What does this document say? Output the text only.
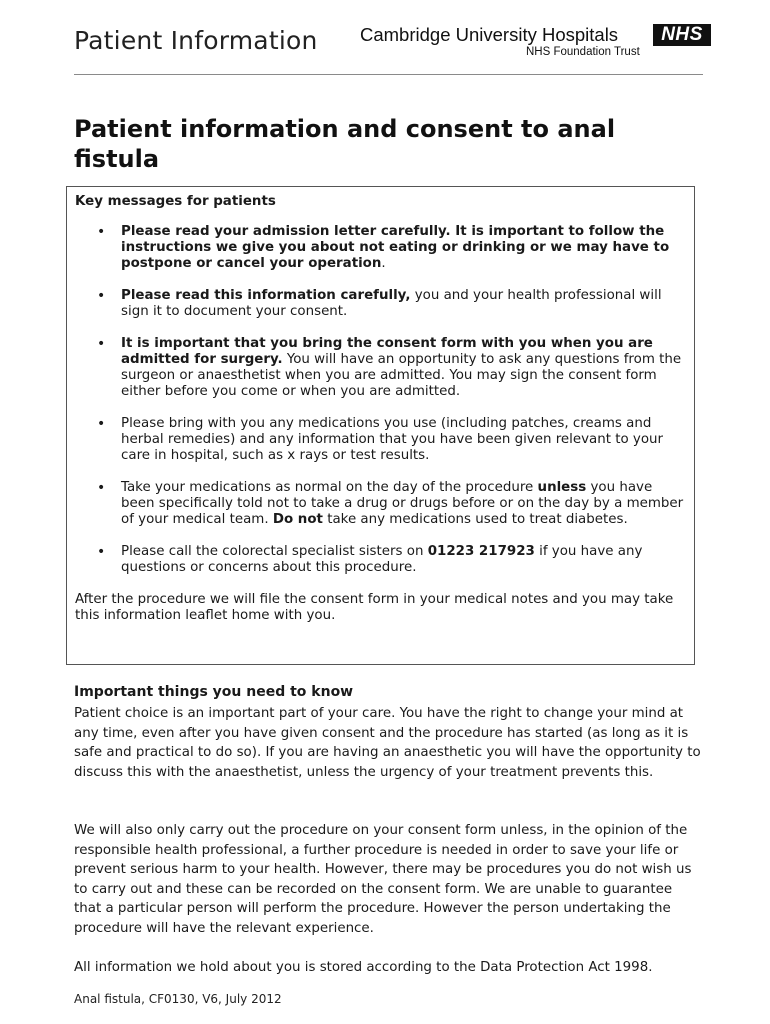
Patient Information Cambridge University Hospitals
NHS Foundation Trust
NHS
Patient information and consent to anal fistula
Key messages for patients
• Please read your admission letter carefully. It is important to follow the instructions we give you about not eating or drinking or we may have to postpone or cancel your operation.
• Please read this information carefully, you and your health professional will sign it to document your consent.
• It is important that you bring the consent form with you when you are admitted for surgery. You will have an opportunity to ask any questions from the surgeon or anaesthetist when you are admitted. You may sign the consent form either before you come or when you are admitted.
• Please bring with you any medications you use (including patches, creams and herbal remedies) and any information that you have been given relevant to your care in hospital, such as x rays or test results.
• Take your medications as normal on the day of the procedure unless you have been specifically told not to take a drug or drugs before or on the day by a member of your medical team. Do not take any medications used to treat diabetes.
• Please call the colorectal specialist sisters on 01223 217923 if you have any questions or concerns about this procedure.
After the procedure we will file the consent form in your medical notes and you may take this information leaflet home with you.
Important things you need to know

Patient choice is an important part of your care. You have the right to change your mind at any time, even after you have given consent and the procedure has started (as long as it is safe and practical to do so). If you are having an anaesthetic you will have the opportunity to discuss this with the anaesthetist, unless the urgency of your treatment prevents this.

We will also only carry out the procedure on your consent form unless, in the opinion of the responsible health professional, a further procedure is needed in order to save your life or prevent serious harm to your health. However, there may be procedures you do not wish us to carry out and these can be recorded on the consent form. We are unable to guarantee that a particular person will perform the procedure. However the person undertaking the procedure will have the relevant experience.

All information we hold about you is stored according to the Data Protection Act 1998.

Anal fistula, CF0130, V6, July 2012
